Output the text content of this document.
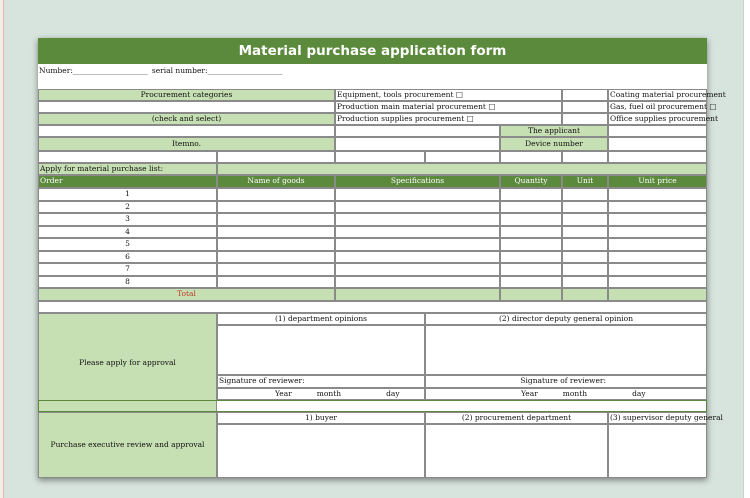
Material purchase application form
Number: ____________________ serial number: ____________________
Procurement categories	Equipment, tools procurement □	Coating material procurement
Production main material procurement □	Gas, fuel oil procurement □
(check and select)	Production supplies procurement □	Office supplies procurement
The applicant
Itemno.	Device number
Apply for material purchase list:
Order	Name of goods	Specifications	Quantity	Unit	Unit price
1
2
3
4
5
6
7
8
Total
Please apply for approval
(1) department opinions	(2) director deputy general opinion
Signature of reviewer:	Signature of reviewer:
Year	month	day	Year	month	day
Purchase executive review and approval
1) buyer	(2) procurement department	(3) supervisor deputy general
